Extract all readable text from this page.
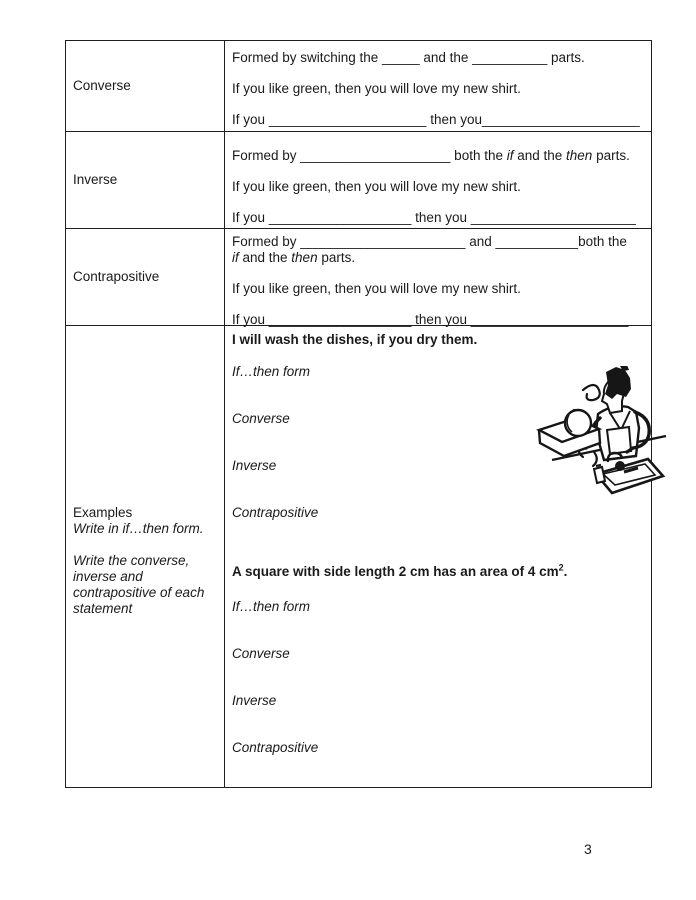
Converse
Formed by switching the _____ and the __________ parts.
If you like green, then you will love my new shirt.
If you _____________________ then you_____________________
Inverse
Formed by ____________________ both the if and the then parts.
If you like green, then you will love my new shirt.
If you ___________________ then you ______________________
Contrapositive
Formed by ______________________ and ___________both the
if and the then parts.
If you like green, then you will love my new shirt.
If you ___________________ then you _____________________
Examples
Write in if…then form.
Write the converse,
inverse and
contrapositive of each
statement
I will wash the dishes, if you dry them.
If…then form
Converse
Inverse
Contrapositive
A square with side length 2 cm has an area of 4 $cm^2$.
If…then form
Converse
Inverse
Contrapositive
3
